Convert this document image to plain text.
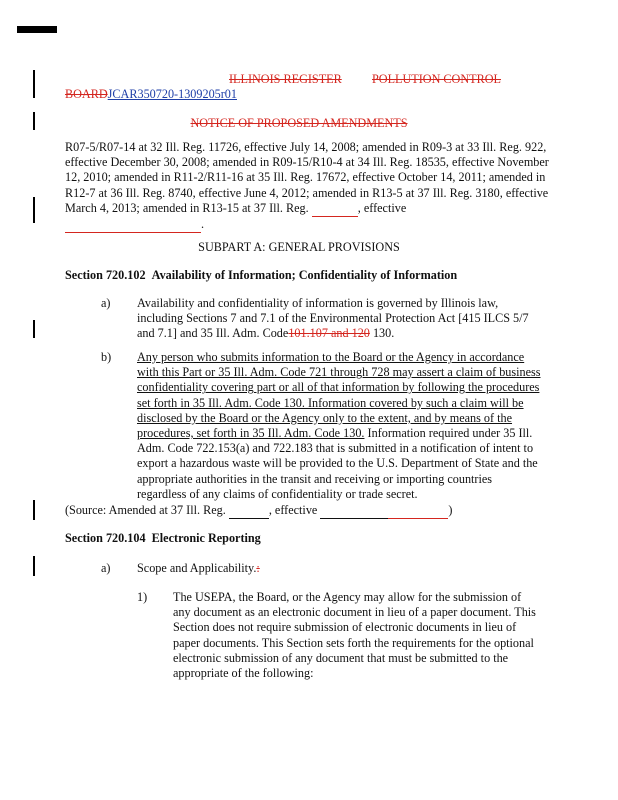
ILLINOIS REGISTER POLLUTION CONTROL
BOARDJCAR350720-1309205r01
NOTICE OF PROPOSED AMENDMENTS
R07-5/R07-14 at 32 Ill. Reg. 11726, effective July 14, 2008; amended in R09-3 at 33 Ill. Reg. 922, effective December 30, 2008; amended in R09-15/R10-4 at 34 Ill. Reg. 18535, effective November 12, 2010; amended in R11-2/R11-16 at 35 Ill. Reg. 17672, effective October 14, 2011; amended in R12-7 at 36 Ill. Reg. 8740, effective June 4, 2012; amended in R13-5 at 37 Ill. Reg. 3180, effective March 4, 2013; amended in R13-15 at 37 Ill. Reg.	, effective
.
SUBPART A: GENERAL PROVISIONS
Section 720.102 Availability of Information; Confidentiality of Information
a) Availability and confidentiality of information is governed by Illinois law, including Sections 7 and 7.1 of the Environmental Protection Act [415 ILCS 5/7 and 7.1] and 35 Ill. Adm. Code101.107 and 120 130.
b) Any person who submits information to the Board or the Agency in accordance with this Part or 35 Ill. Adm. Code 721 through 728 may assert a claim of business confidentiality covering part or all of that information by following the procedures set forth in 35 Ill. Adm. Code 130. Information covered by such a claim will be disclosed by the Board or the Agency only to the extent, and by means of the procedures, set forth in 35 Ill. Adm. Code 130. Information required under 35 Ill. Adm. Code 722.153(a) and 722.183 that is submitted in a notification of intent to export a hazardous waste will be provided to the U.S. Department of State and the appropriate authorities in the transit and receiving or importing countries regardless of any claims of confidentiality or trade secret.
(Source: Amended at 37 Ill. Reg.	, effective	)
Section 720.104 Electronic Reporting
a) Scope and Applicability.:
1) The USEPA, the Board, or the Agency may allow for the submission of any document as an electronic document in lieu of a paper document. This Section does not require submission of electronic documents in lieu of paper documents. This Section sets forth the requirements for the optional electronic submission of any document that must be submitted to the appropriate of the following:
